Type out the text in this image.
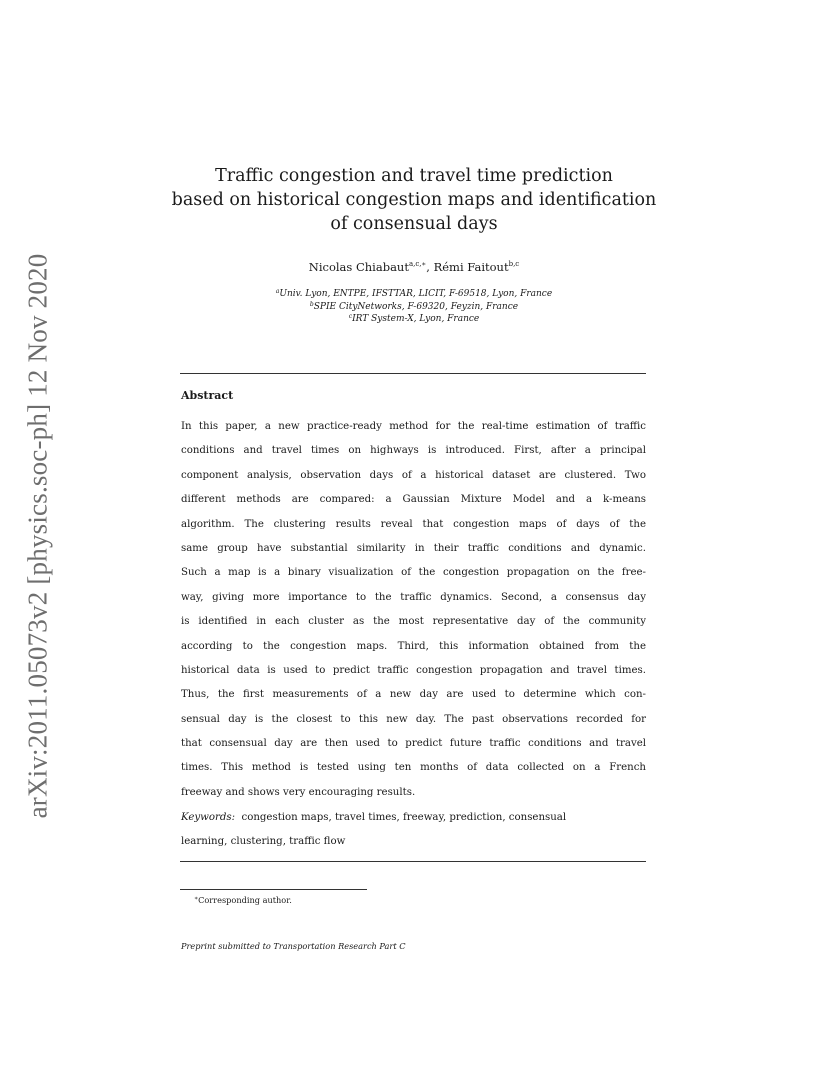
arXiv:2011.05073v2 [physics.soc-ph] 12 Nov 2020
Traffic congestion and travel time prediction
based on historical congestion maps and identification
of consensual days
Nicolas Chiabaut$^{a,c,∗}$, Rémi Faitout$^{b,c}$
$^a$Univ. Lyon, ENTPE, IFSTTAR, LICIT, F-69518, Lyon, France
$^b$SPIE CityNetworks, F-69320, Feyzin, France
$^c$IRT System-X, Lyon, France
Abstract
In this paper, a new practice-ready method for the real-time estimation of traffic
conditions and travel times on highways is introduced. First, after a principal
component analysis, observation days of a historical dataset are clustered. Two
different methods are compared: a Gaussian Mixture Model and a k-means
algorithm. The clustering results reveal that congestion maps of days of the
same group have substantial similarity in their traffic conditions and dynamic.
Such a map is a binary visualization of the congestion propagation on the free-
way, giving more importance to the traffic dynamics. Second, a consensus day
is identified in each cluster as the most representative day of the community
according to the congestion maps. Third, this information obtained from the
historical data is used to predict traffic congestion propagation and travel times.
Thus, the first measurements of a new day are used to determine which con-
sensual day is the closest to this new day. The past observations recorded for
that consensual day are then used to predict future traffic conditions and travel
times. This method is tested using ten months of data collected on a French
freeway and shows very encouraging results.
Keywords: congestion maps, travel times, freeway, prediction, consensual
learning, clustering, traffic flow
∗Corresponding author.
Preprint submitted to Transportation Research Part C
